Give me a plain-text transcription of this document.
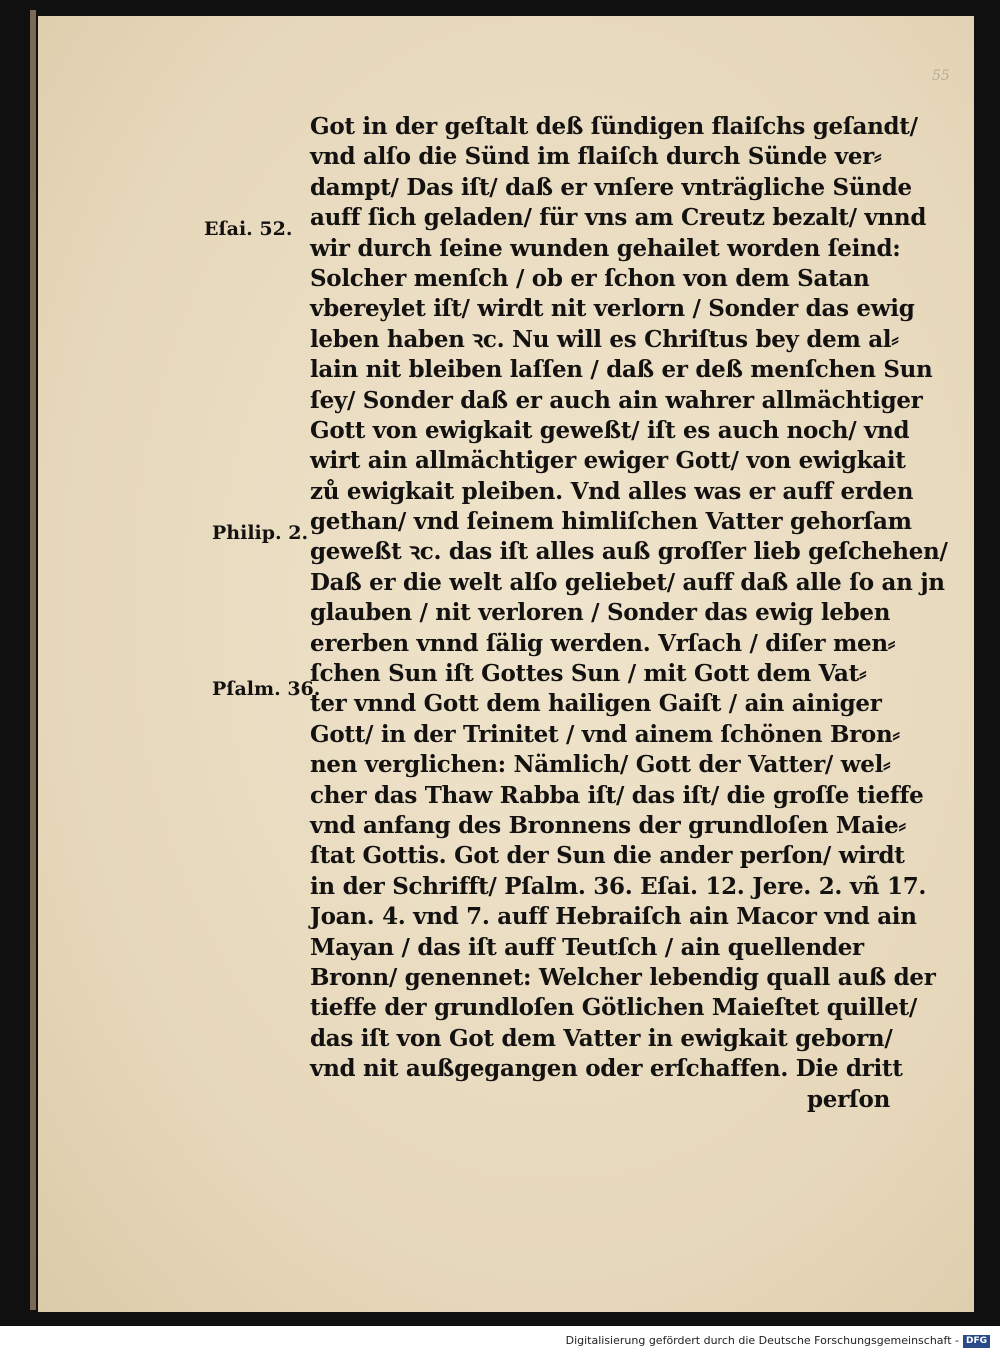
55
Eſai. 52.
Philip. 2.
Pſalm. 36.
Got in der geſtalt deß ſündigen flaiſchs geſandt/
vnd alſo die Sünd im flaiſch durch Sünde ver⸗
dampt/ Das iſt/ daß er vnſere vnträgliche Sünde
auff ſich geladen/ für vns am Creutz bezalt/ vnnd
wir durch ſeine wunden gehailet worden ſeind:
Solcher menſch / ob er ſchon von dem Satan
vbereylet iſt/ wirdt nit verlorn / Sonder das ewig
leben haben ꝛc. Nu will es Chriſtus bey dem al⸗
lain nit bleiben laſſen / daß er deß menſchen Sun
ſey/ Sonder daß er auch ain wahrer allmächtiger
Gott von ewigkait geweßt/ iſt es auch noch/ vnd
wirt ain allmächtiger ewiger Gott/ von ewigkait
zů ewigkait pleiben. Vnd alles was er auff erden
gethan/ vnd ſeinem himliſchen Vatter gehorſam
geweßt ꝛc. das iſt alles auß groſſer lieb geſchehen/
Daß er die welt alſo geliebet/ auff daß alle ſo an jn
glauben / nit verloren / Sonder das ewig leben
ererben vnnd ſälig werden. Vrſach / diſer men⸗
ſchen Sun iſt Gottes Sun / mit Gott dem Vat⸗
ter vnnd Gott dem hailigen Gaiſt / ain ainiger
Gott/ in der Trinitet / vnd ainem ſchönen Bron⸗
nen verglichen: Nämlich/ Gott der Vatter/ wel⸗
cher das Thaw Rabba iſt/ das iſt/ die groſſe tieffe
vnd anfang des Bronnens der grundloſen Maie⸗
ſtat Gottis. Got der Sun die ander perſon/ wirdt
in der Schrifft/ Pſalm. 36. Eſai. 12. Jere. 2. vñ 17.
Joan. 4. vnd 7. auff Hebraiſch ain Macor vnd ain
Mayan / das iſt auff Teutſch / ain quellender
Bronn/ genennet: Welcher lebendig quall auß der
tieffe der grundloſen Götlichen Maieſtet quillet/
das iſt von Got dem Vatter in ewigkait geborn/
vnd nit außgegangen oder erſchaffen. Die dritt
perſon
Digitalisierung gefördert durch die Deutsche Forschungsgemeinschaft - DFG
